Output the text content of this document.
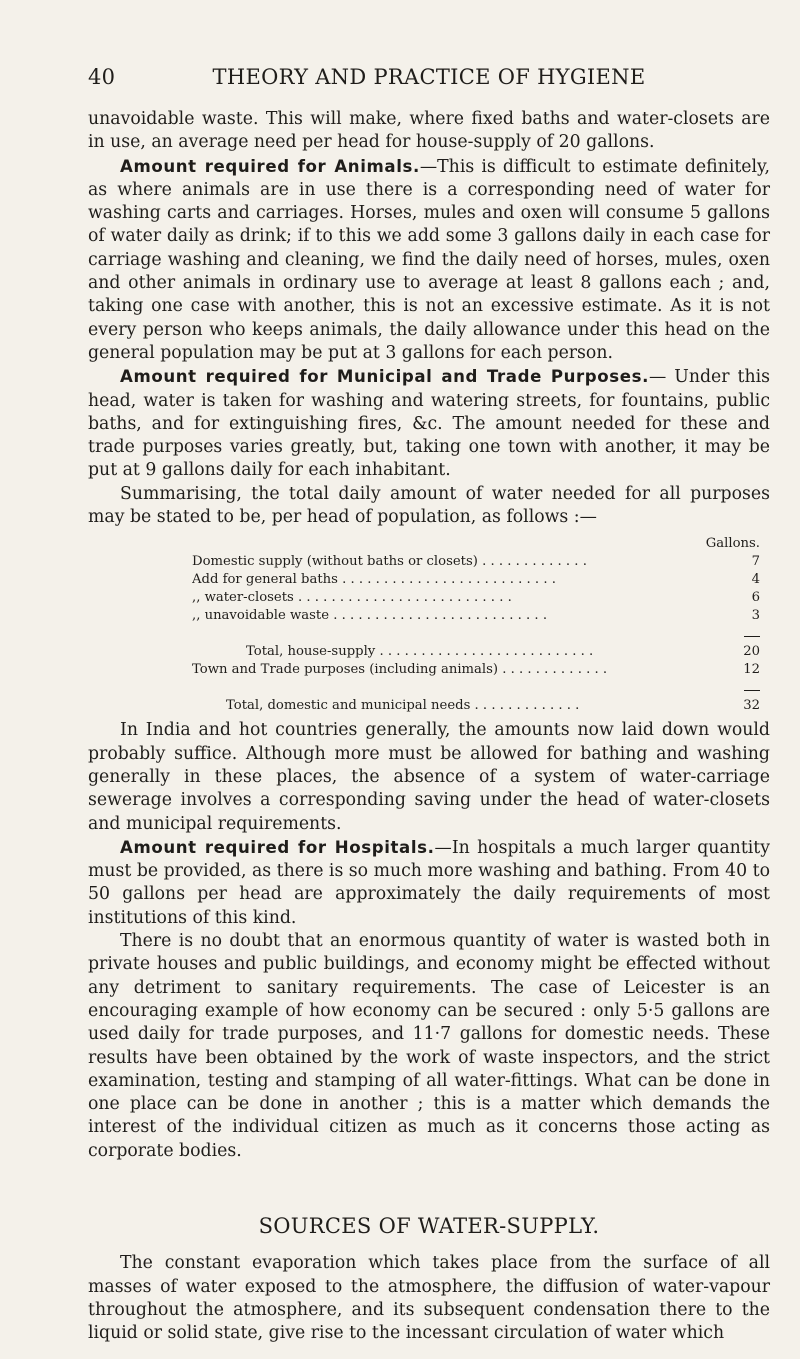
40	THEORY AND PRACTICE OF HYGIENE

unavoidable waste. This will make, where fixed baths and water-closets are in use, an average need per head for house-supply of 20 gallons.

Amount required for Animals.—This is difficult to estimate definitely, as where animals are in use there is a corresponding need of water for washing carts and carriages. Horses, mules and oxen will consume 5 gallons of water daily as drink; if to this we add some 3 gallons daily in each case for carriage washing and cleaning, we find the daily need of horses, mules, oxen and other animals in ordinary use to average at least 8 gallons each ; and, taking one case with another, this is not an excessive estimate. As it is not every person who keeps animals, the daily allowance under this head on the general population may be put at 3 gallons for each person.

Amount required for Municipal and Trade Purposes.— Under this head, water is taken for washing and watering streets, for fountains, public baths, and for extinguishing fires, &c. The amount needed for these and trade purposes varies greatly, but, taking one town with another, it may be put at 9 gallons daily for each inhabitant.

Summarising, the total daily amount of water needed for all purposes may be stated to be, per head of population, as follows :—

	Gallons.
Domestic supply (without baths or closets) . .	7
Add for general baths . .  . .	4
,, water-closets . .  . .	6
,, unavoidable waste . .  . .	3

Total, house-supply . .  . .	20
Town and Trade purposes (including animals) . .	12

Total, domestic and municipal needs . .	32

In India and hot countries generally, the amounts now laid down would probably suffice. Although more must be allowed for bathing and washing generally in these places, the absence of a system of water-carriage sewerage involves a corresponding saving under the head of water-closets and municipal requirements.

Amount required for Hospitals.—In hospitals a much larger quantity must be provided, as there is so much more washing and bathing. From 40 to 50 gallons per head are approximately the daily requirements of most institutions of this kind.

There is no doubt that an enormous quantity of water is wasted both in private houses and public buildings, and economy might be effected without any detriment to sanitary requirements. The case of Leicester is an encouraging example of how economy can be secured : only 5·5 gallons are used daily for trade purposes, and 11·7 gallons for domestic needs. These results have been obtained by the work of waste inspectors, and the strict examination, testing and stamping of all water-fittings. What can be done in one place can be done in another ; this is a matter which demands the interest of the individual citizen as much as it concerns those acting as corporate bodies.

SOURCES OF WATER-SUPPLY.

The constant evaporation which takes place from the surface of all masses of water exposed to the atmosphere, the diffusion of water-vapour throughout the atmosphere, and its subsequent condensation there to the liquid or solid state, give rise to the incessant circulation of water which
